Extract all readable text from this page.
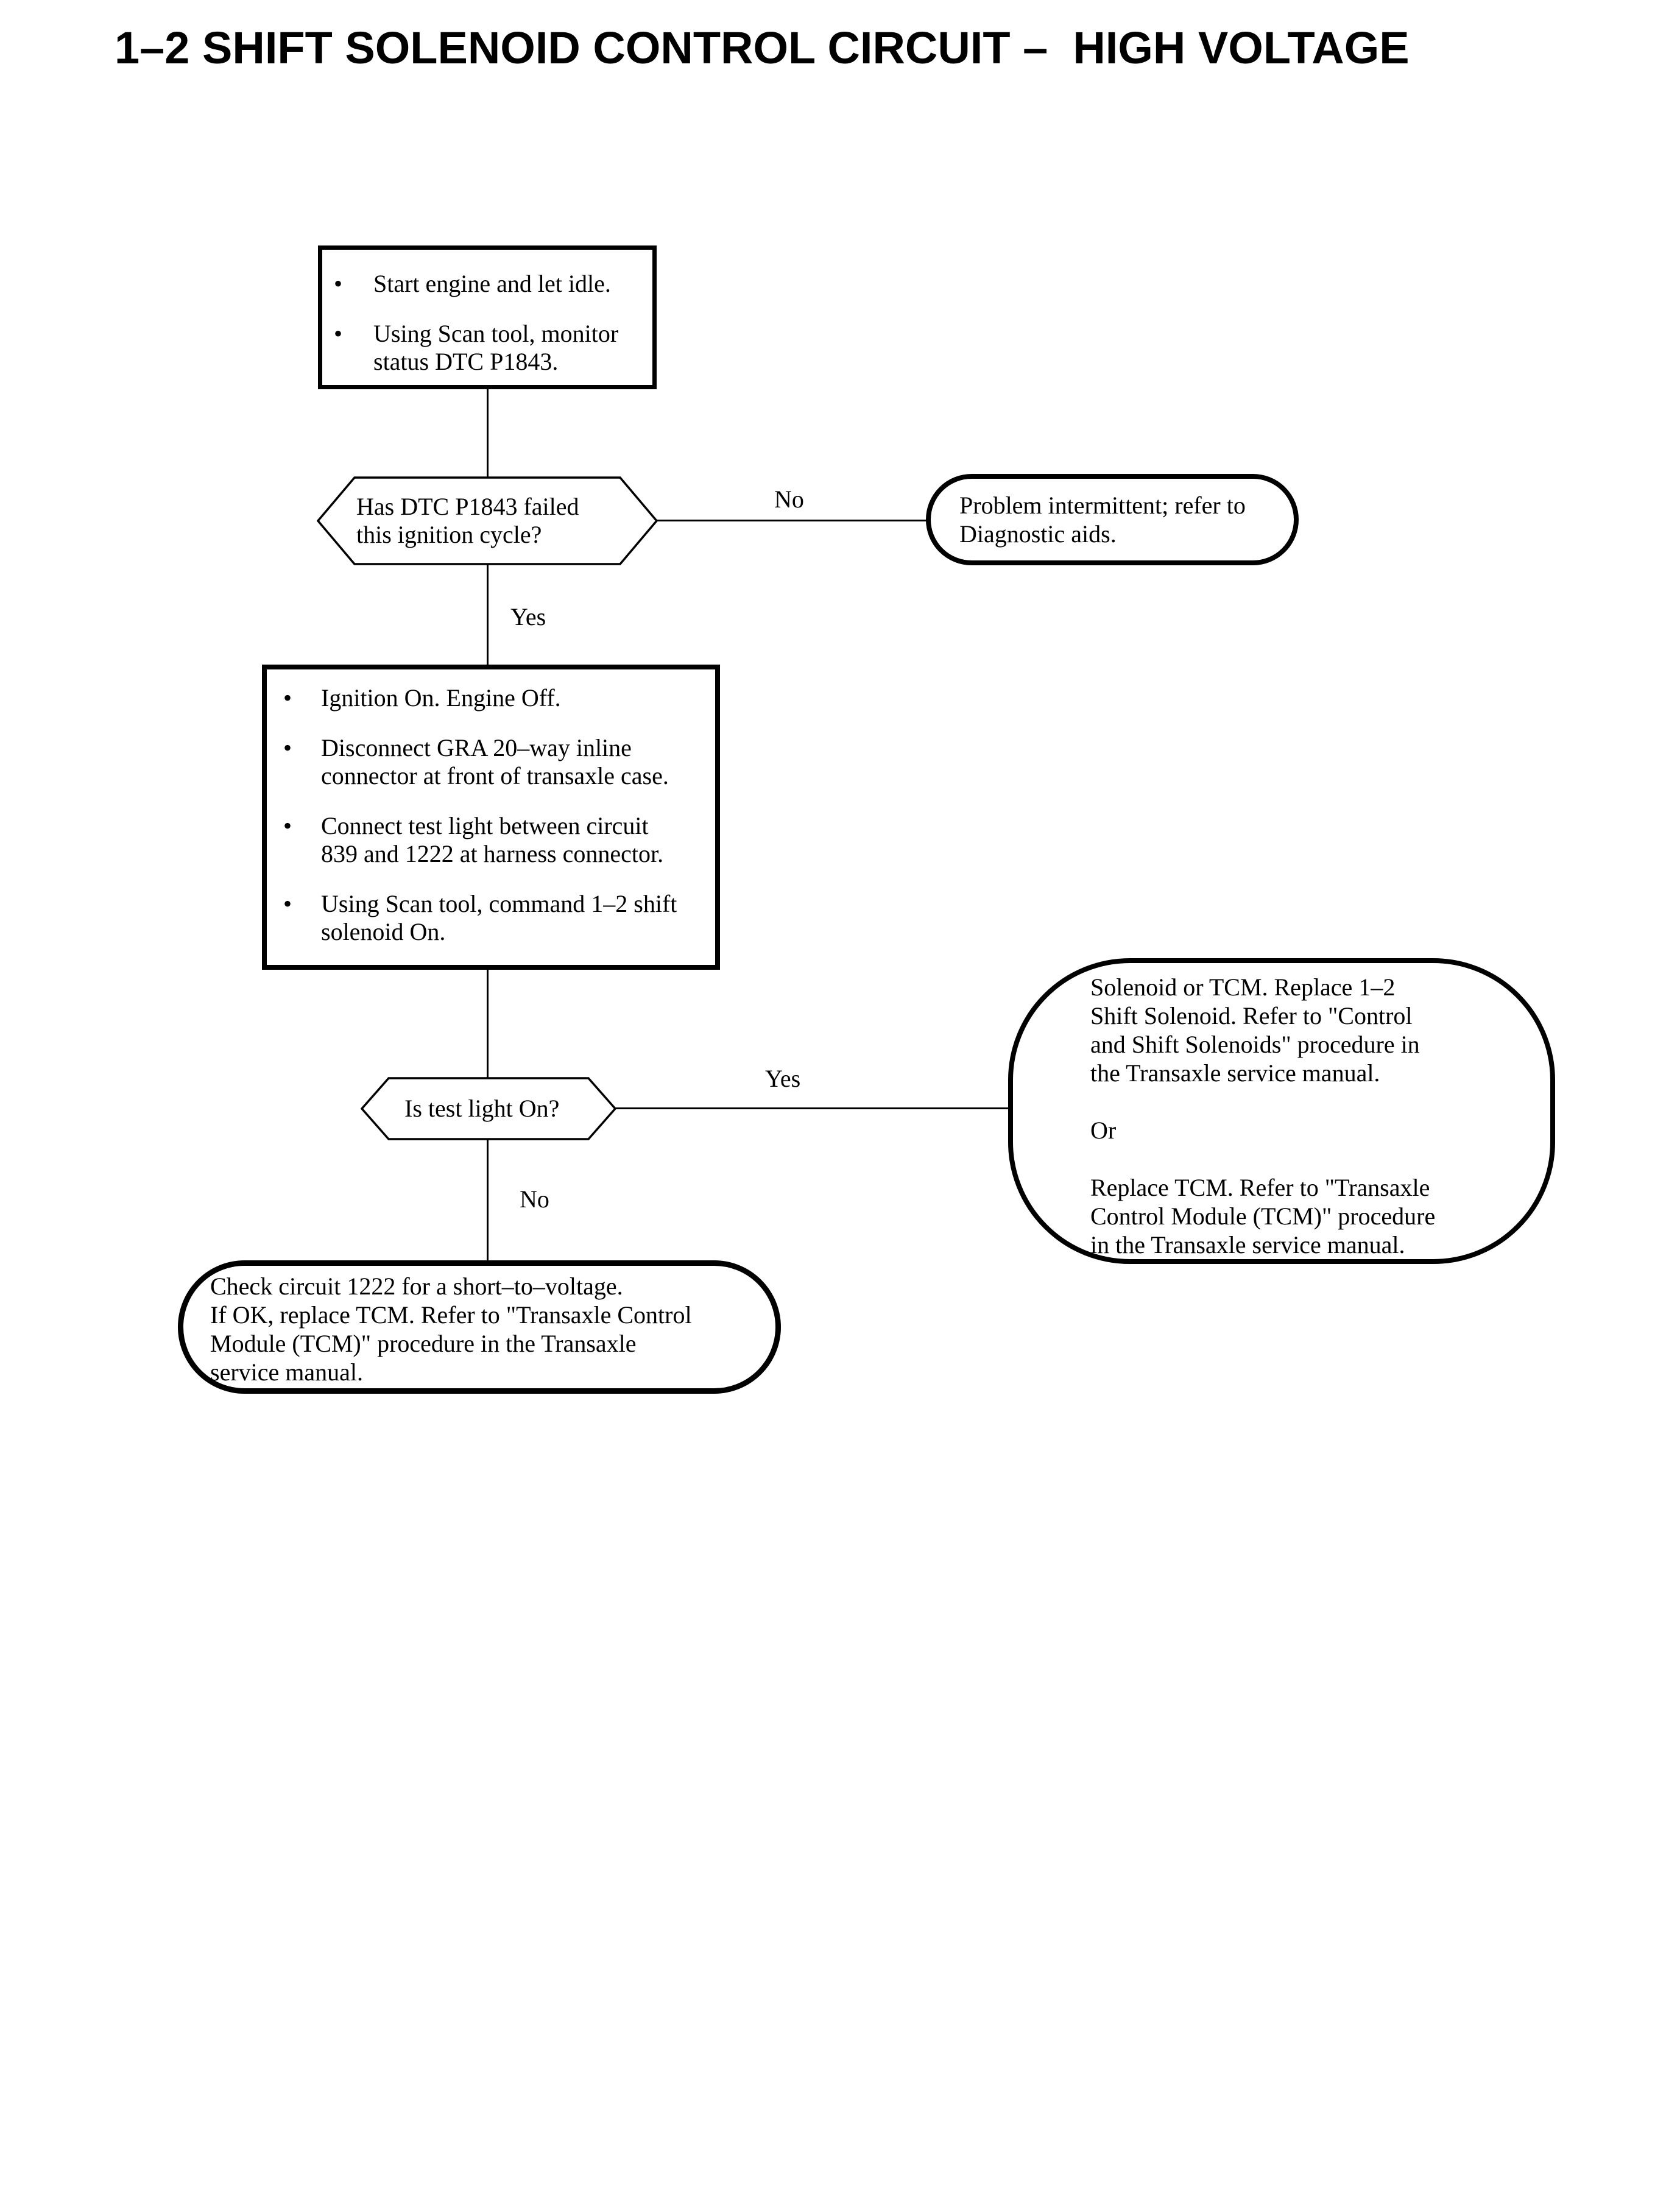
1–2 SHIFT SOLENOID CONTROL CIRCUIT –  HIGH VOLTAGE
•	Start engine and let idle.
•	Using Scan tool, monitor
status DTC P1843.
Has DTC P1843 failed
this ignition cycle?
No	Problem intermittent; refer to
Diagnostic aids.
Yes
•	Ignition On. Engine Off.
•	Disconnect GRA 20–way inline
connector at front of transaxle case.
•	Connect test light between circuit
839 and 1222 at harness connector.
•	Using Scan tool, command 1–2 shift
solenoid On.
Is test light On?
Yes
Solenoid or TCM. Replace 1–2
Shift Solenoid. Refer to "Control
and Shift Solenoids" procedure in
the Transaxle service manual.
Or
Replace TCM. Refer to "Transaxle
Control Module (TCM)" procedure
in the Transaxle service manual.
No
Check circuit 1222 for a short–to–voltage.
If OK, replace TCM. Refer to "Transaxle Control
Module (TCM)" procedure in the Transaxle
service manual.
